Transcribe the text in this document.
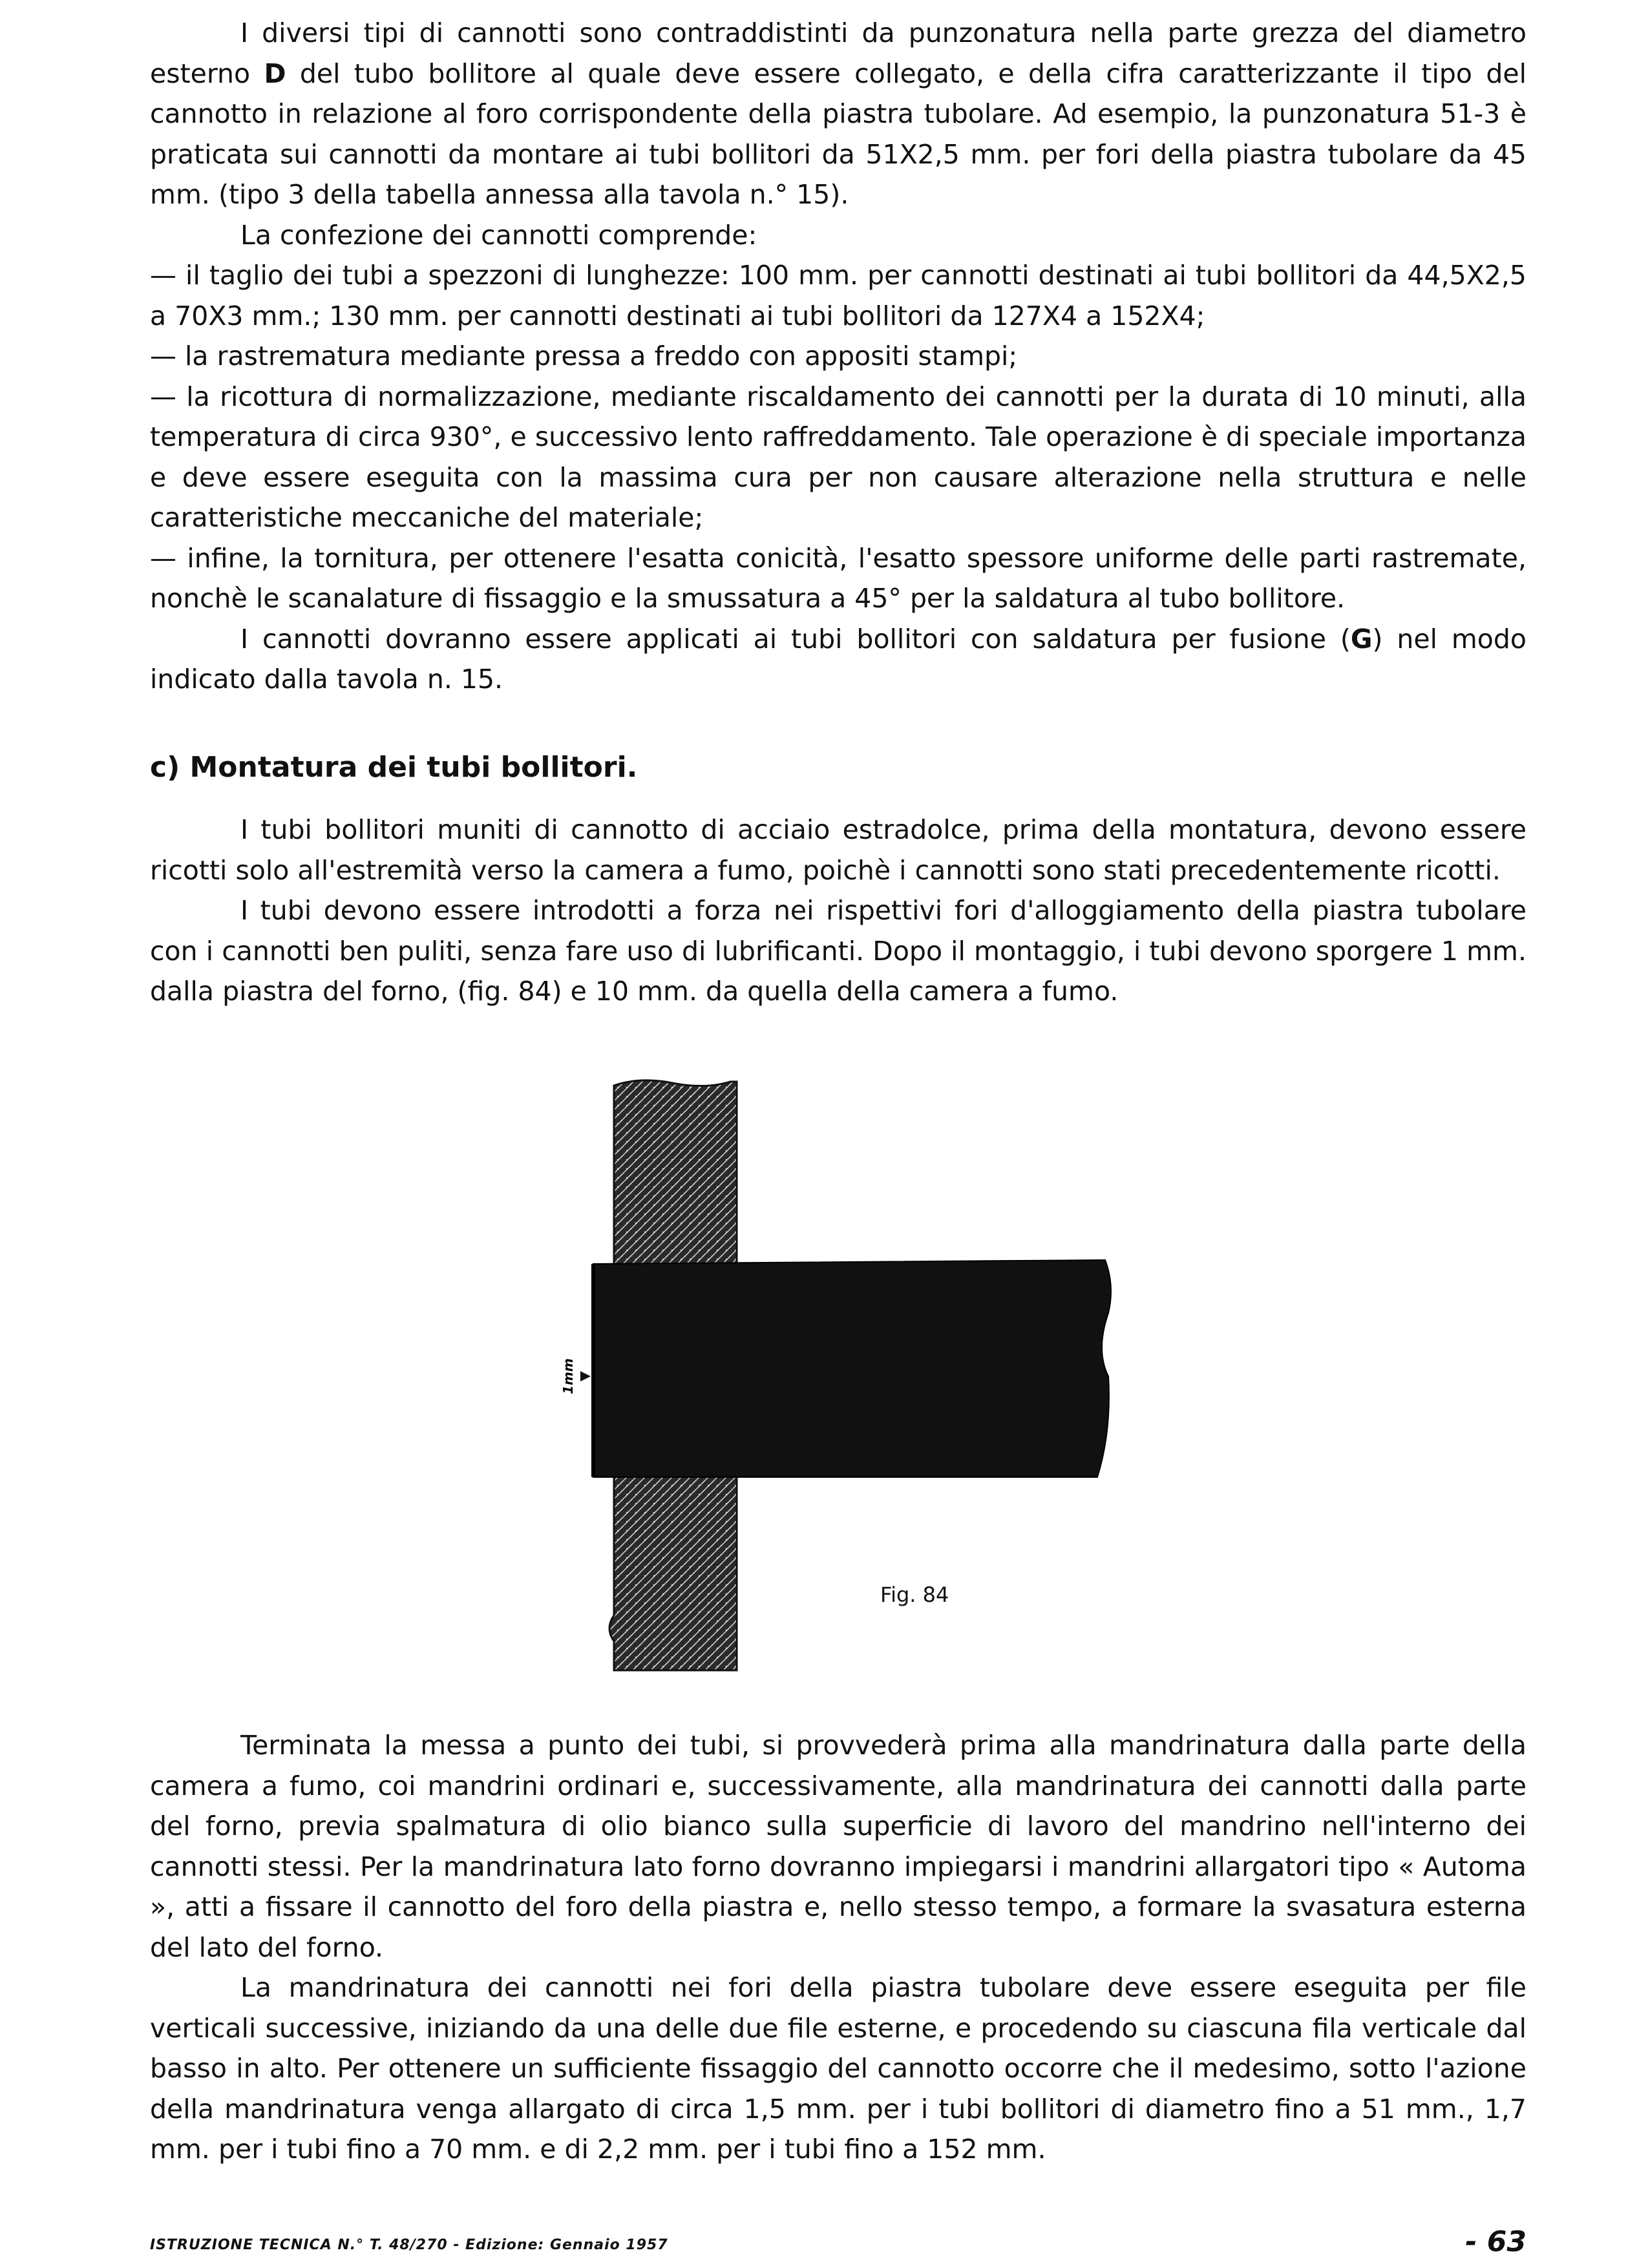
I diversi tipi di cannotti sono contraddistinti da punzonatura nella parte grezza del diametro esterno D del tubo bollitore al quale deve essere collegato, e della cifra caratterizzante il tipo del cannotto in relazione al foro corrispondente della piastra tubolare. Ad esempio, la punzonatura 51-3 è praticata sui cannotti da montare ai tubi bollitori da 51X2,5 mm. per fori della piastra tubolare da 45 mm. (tipo 3 della tabella annessa alla tavola n.° 15).

La confezione dei cannotti comprende:

— il taglio dei tubi a spezzoni di lunghezze: 100 mm. per cannotti destinati ai tubi bollitori da 44,5X2,5 a 70X3 mm.; 130 mm. per cannotti destinati ai tubi bollitori da 127X4 a 152X4;

— la rastrematura mediante pressa a freddo con appositi stampi;

— la ricottura di normalizzazione, mediante riscaldamento dei cannotti per la durata di 10 minuti, alla temperatura di circa 930°, e successivo lento raffreddamento. Tale operazione è di speciale importanza e deve essere eseguita con la massima cura per non causare alterazione nella struttura e nelle caratteristiche meccaniche del materiale;

— infine, la tornitura, per ottenere l'esatta conicità, l'esatto spessore uniforme delle parti rastremate, nonchè le scanalature di fissaggio e la smussatura a 45° per la saldatura al tubo bollitore.

I cannotti dovranno essere applicati ai tubi bollitori con saldatura per fusione (G) nel modo indicato dalla tavola n. 15.

c) Montatura dei tubi bollitori.

I tubi bollitori muniti di cannotto di acciaio estradolce, prima della montatura, devono essere ricotti solo all'estremità verso la camera a fumo, poichè i cannotti sono stati precedentemente ricotti.

I tubi devono essere introdotti a forza nei rispettivi fori d'alloggiamento della piastra tubolare con i cannotti ben puliti, senza fare uso di lubrificanti. Dopo il montaggio, i tubi devono sporgere 1 mm. dalla piastra del forno, (fig. 84) e 10 mm. da quella della camera a fumo.

1mm
Fig. 84

Terminata la messa a punto dei tubi, si provvederà prima alla mandrinatura dalla parte della camera a fumo, coi mandrini ordinari e, successivamente, alla mandrinatura dei cannotti dalla parte del forno, previa spalmatura di olio bianco sulla superficie di lavoro del mandrino nell'interno dei cannotti stessi. Per la mandrinatura lato forno dovranno impiegarsi i mandrini allargatori tipo « Automa », atti a fissare il cannotto del foro della piastra e, nello stesso tempo, a formare la svasatura esterna del lato del forno.

La mandrinatura dei cannotti nei fori della piastra tubolare deve essere eseguita per file verticali successive, iniziando da una delle due file esterne, e procedendo su ciascuna fila verticale dal basso in alto. Per ottenere un sufficiente fissaggio del cannotto occorre che il medesimo, sotto l'azione della mandrinatura venga allargato di circa 1,5 mm. per i tubi bollitori di diametro fino a 51 mm., 1,7 mm. per i tubi fino a 70 mm. e di 2,2 mm. per i tubi fino a 152 mm.

ISTRUZIONE TECNICA N.° T. 48/270 - Edizione: Gennaio 1957	- 63
